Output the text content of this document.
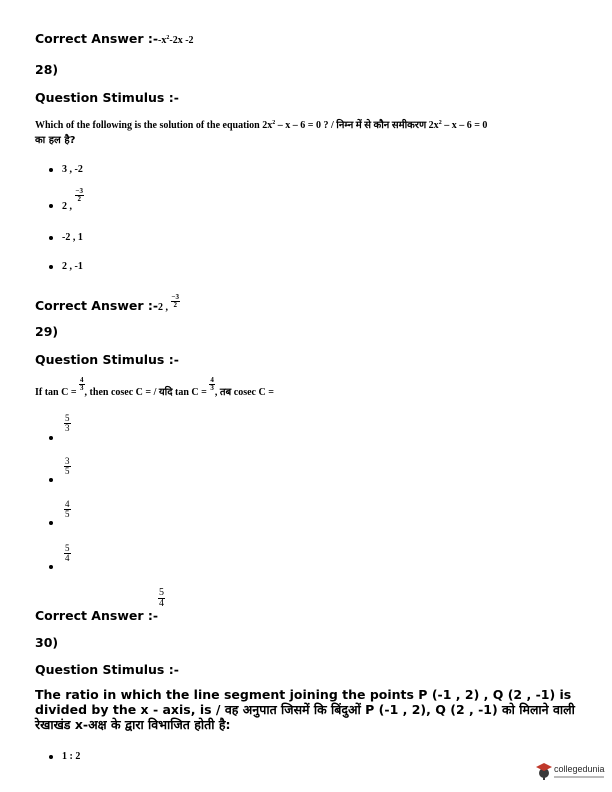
Correct Answer $:--x^2-2x$ -2
28)
Question Stimulus :-
Which of the following is the solution of the equation $2x^2 - x - 6 = 0$ ? / निम्न में से कौन समीकरण $2x^2 - x - 6 = 0$
का हल है?
3 , -2
2 ,
$\frac{-3}{2}$
-2 , 1
2 , -1
Correct Answer :-2 , $\frac{-3}{2}$
29)
Question Stimulus :-
If tan C =
$\frac{4}{3}$
, then cosec C = / यदि tan C =
$\frac{4}{3}$
, तब cosec C =
$\frac{5}{3}$
$\frac{3}{5}$
$\frac{4}{5}$
$\frac{5}{4}$
Correct Answer :-
$\frac{5}{4}$
30)
Question Stimulus :-
The ratio in which the line segment joining the points P (-1 , 2) , Q (2 , -1) is divided by the x - axis, is / वह अनुपात जिसमें कि बिंदुओं P (-1 , 2), Q (2 , -1) को मिलाने वाली रेखाखंड x-अक्ष के द्वारा विभाजित होती है:
1 : 2
collegedunia
